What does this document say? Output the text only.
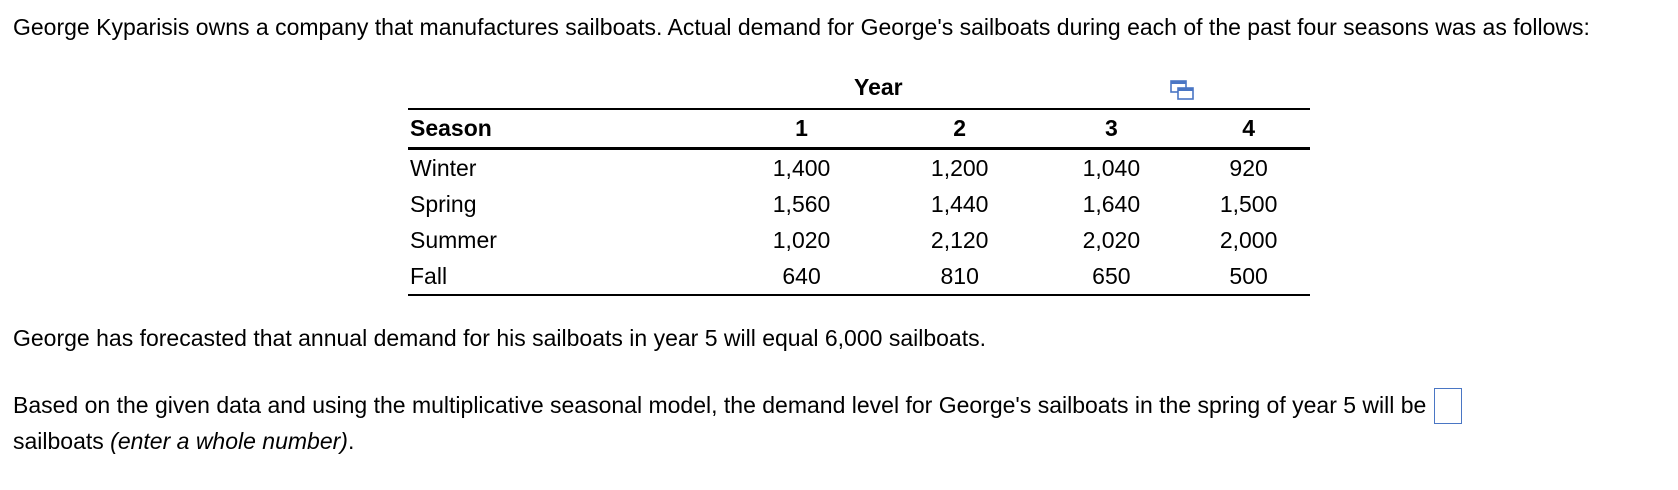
George Kyparisis owns a company that manufactures sailboats. Actual demand for George's sailboats during each of the past four seasons was as follows:

Year
Season	1	2	3	4
Winter	1,400	1,200	1,040	920
Spring	1,560	1,440	1,640	1,500
Summer	1,020	2,120	2,020	2,000
Fall	640	810	650	500

George has forecasted that annual demand for his sailboats in year 5 will equal 6,000 sailboats.

Based on the given data and using the multiplicative seasonal model, the demand level for George's sailboats in the spring of year 5 will be
sailboats (enter a whole number).
